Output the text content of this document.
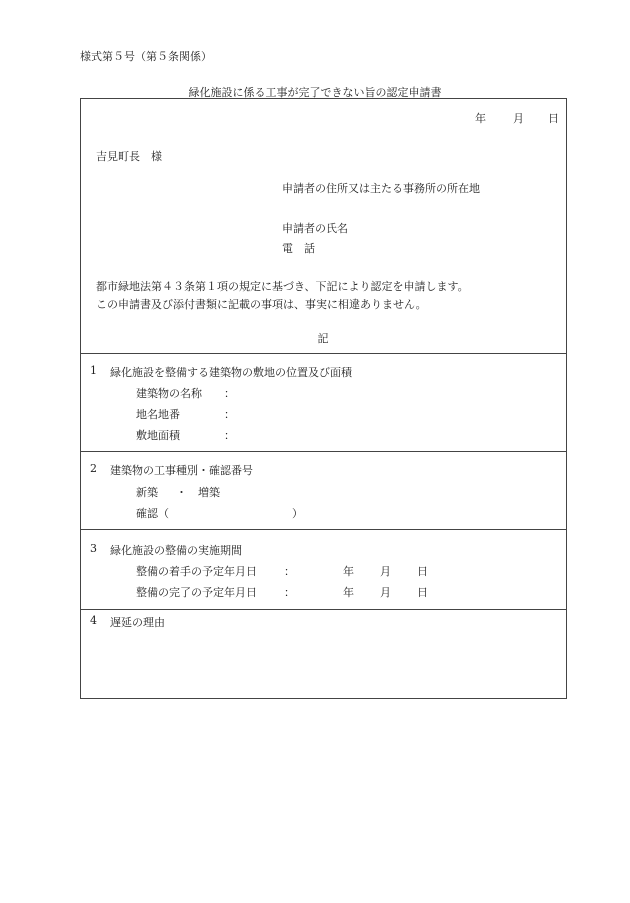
様式第５号（第５条関係）
緑化施設に係る工事が完了できない旨の認定申請書
年 月 日
吉見町長　様
申請者の住所又は主たる事務所の所在地
申請者の氏名
電　話
都市緑地法第４３条第１項の規定に基づき、下記により認定を申請します。
この申請書及び添付書類に記載の事項は、事実に相違ありません。
記
1 緑化施設を整備する建築物の敷地の位置及び面積
建築物の名称 ：
地名地番	：
敷地面積	：
2 建築物の工事種別・確認番号
新築 ・ 増築
確認（	）
3 緑化施設の整備の実施期間
整備の着手の予定年月日 ：	年 月 日
整備の完了の予定年月日 ：	年 月 日
4 遅延の理由
